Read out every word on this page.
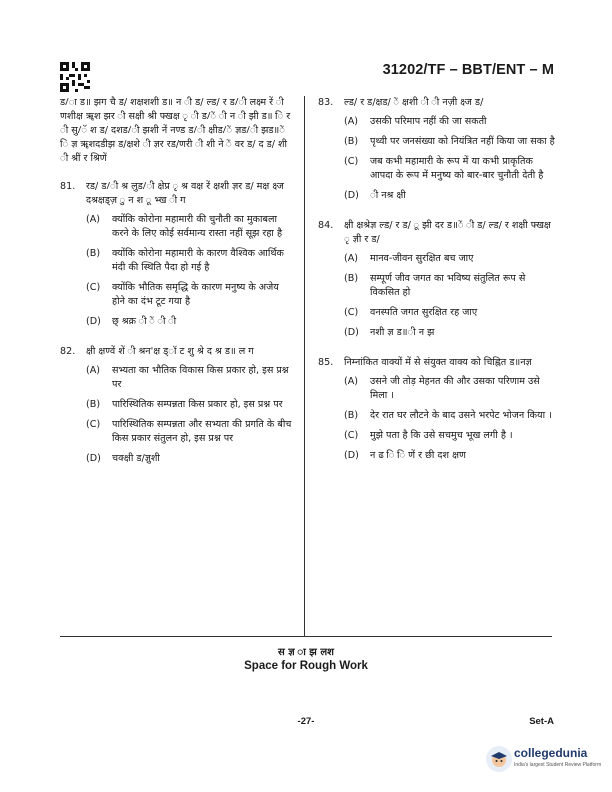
31202/TF – BBT/ENT – M

ड/ा ड॥ झग चै ड/ शक्षशशी ड॥ न ी ड/ ल्ड/ र ड/ी लक्ष्म रें ी णशीक्ष ॠश झर ी सक्षी श्री फ्खक्ष ृ ी ड/ें ी न ी झी ड॥ ि र ी सु/ॅ श ड/ दशड/ी झशी नें नण्ड ड/ी क्षीड/ें ज्ञड/ी झड॥ें ि ज्ञ ॠशदडीझ ड/क्षशे ी ज्ञर रड/णरी ी शी ने ें वर ड/ द ड/ शी ी श्रीं र श्रिणें

81. रड/ ड/ी श्र लुड/ी क्षेप्र ृ श्र वक्ष रें क्षशी ज्ञर ड/ मक्ष क्ष्ज दश्रक्षड्ज़ ु न श ू भ्ख ी ग

(A) क्योंकि कोरोना महामारी की चुनौती का मुकाबला करने के लिए कोई सर्वमान्य रास्ता नहीं सूझ रहा है
(B) क्योंकि कोरोना महामारी के कारण वैश्विक आर्थिक मंदी की स्थिति पैदा हो गई है
(C) क्योंकि भौतिक समृद्धि के कारण मनुष्य के अजेय होने का दंभ टूट गया है
(D) छ् श्रक्र ी ें ी ी
82. क्षी क्षण्वें शें ी श्रन'क्ष ड्ॉ ट शु श्रे द श्र ड॥ ल ग

(A) सभ्यता का भौतिक विकास किस प्रकार हो, इस प्रश्न पर
(B) पारिस्थितिक सम्पन्नता किस प्रकार हो, इस प्रश्न पर
(C) पारिस्थितिक सम्पन्नता और सभ्यता की प्रगति के बीच किस प्रकार संतुलन हो, इस प्रश्न पर
(D) चक्क्षी ड/ज्ञुशी
83. ल्ड/ र ड/क्षड/ ें क्षशी ी ी नज़ी क्ष्ज ड/

(A) उसकी परिमाप नहीं की जा सकती
(B) पृथ्वी पर जनसंख्या को नियंत्रित नहीं किया जा सका है
(C) जब कभी महामारी के रूप में या कभी प्राकृतिक आपदा के रूप में मनुष्य को बार-बार चुनौती देती है
(D) ी नश्र क्षी
84. क्षी क्षश्रेज्ञ ल्ड/ र ड/ ू झी दर ड॥ें ी ड/ ल्ड/ र शक्षी फ्खक्ष ृ ज्ञी र ड/

(A) मानव-जीवन सुरक्षित बच जाए
(B) सम्पूर्ण जीव जगत का भविष्य संतुलित रूप से विकसित हो
(C) वनस्पति जगत सुरक्षित रह जाए
(D) नशी ज्ञ ड॥ी न झ
85. निम्नांकित वाक्यों में से संयुक्त वाक्य को चिह्नित ड॥नज्ञ

(A) उसने जी तोड़ मेहनत की और उसका परिणाम उसे मिला ।
(B) देर रात घर लौटने के बाद उसने भरपेट भोजन किया ।
(C) मुझे पता है कि उसे सचमुच भूख लगी है ।
(D) न ढ ि ि णें र छी दश क्षण
स ज्ञ ा झ लश
Space for Rough Work
-27-	Set-A
collegedunia
India's largest Student Review Platform
